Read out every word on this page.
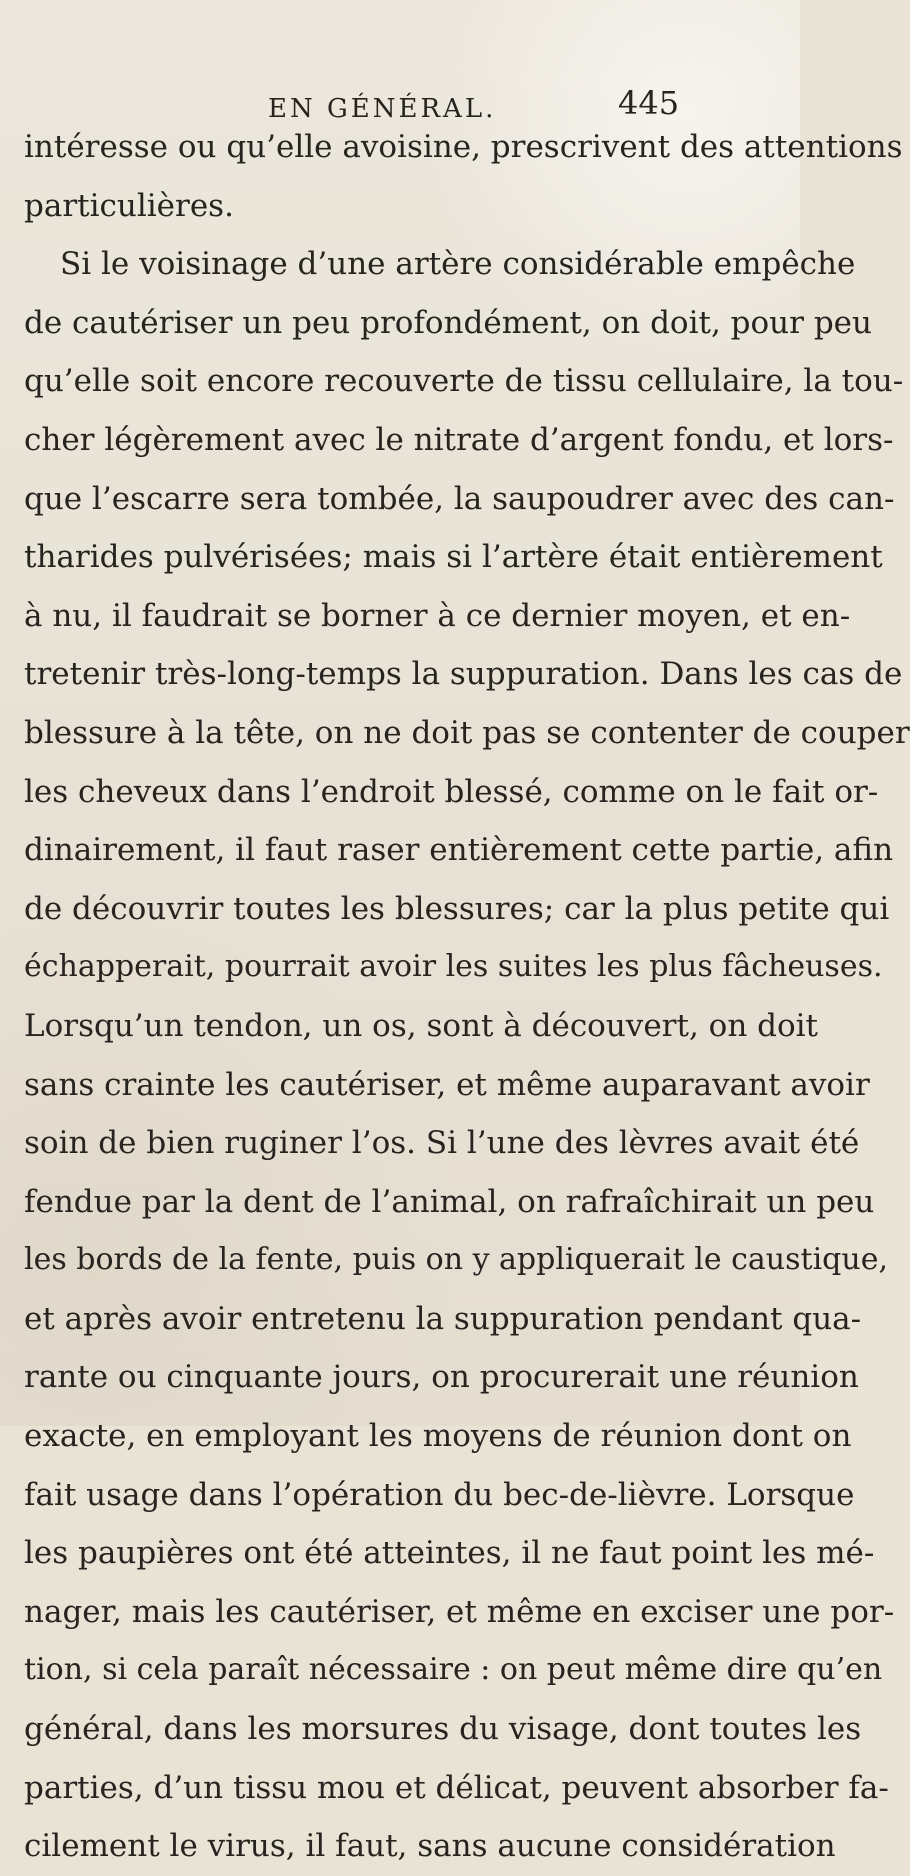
EN GÉNÉRAL.	445
intéresse ou qu’elle avoisine, prescrivent des attentions
particulières.
Si le voisinage d’une artère considérable empêche
de cautériser un peu profondément, on doit, pour peu
qu’elle soit encore recouverte de tissu cellulaire, la tou-
cher légèrement avec le nitrate d’argent fondu, et lors-
que l’escarre sera tombée, la saupoudrer avec des can-
tharides pulvérisées; mais si l’artère était entièrement
à nu, il faudrait se borner à ce dernier moyen, et en-
tretenir très-long-temps la suppuration. Dans les cas de
blessure à la tête, on ne doit pas se contenter de couper
les cheveux dans l’endroit blessé, comme on le fait or-
dinairement, il faut raser entièrement cette partie, afin
de découvrir toutes les blessures; car la plus petite qui
échapperait, pourrait avoir les suites les plus fâcheuses.
Lorsqu’un tendon, un os, sont à découvert, on doit
sans crainte les cautériser, et même auparavant avoir
soin de bien ruginer l’os. Si l’une des lèvres avait été
fendue par la dent de l’animal, on rafraîchirait un peu
les bords de la fente, puis on y appliquerait le caustique,
et après avoir entretenu la suppuration pendant qua-
rante ou cinquante jours, on procurerait une réunion
exacte, en employant les moyens de réunion dont on
fait usage dans l’opération du bec-de-lièvre. Lorsque
les paupières ont été atteintes, il ne faut point les mé-
nager, mais les cautériser, et même en exciser une por-
tion, si cela paraît nécessaire : on peut même dire qu’en
général, dans les morsures du visage, dont toutes les
parties, d’un tissu mou et délicat, peuvent absorber fa-
cilement le virus, il faut, sans aucune considération
